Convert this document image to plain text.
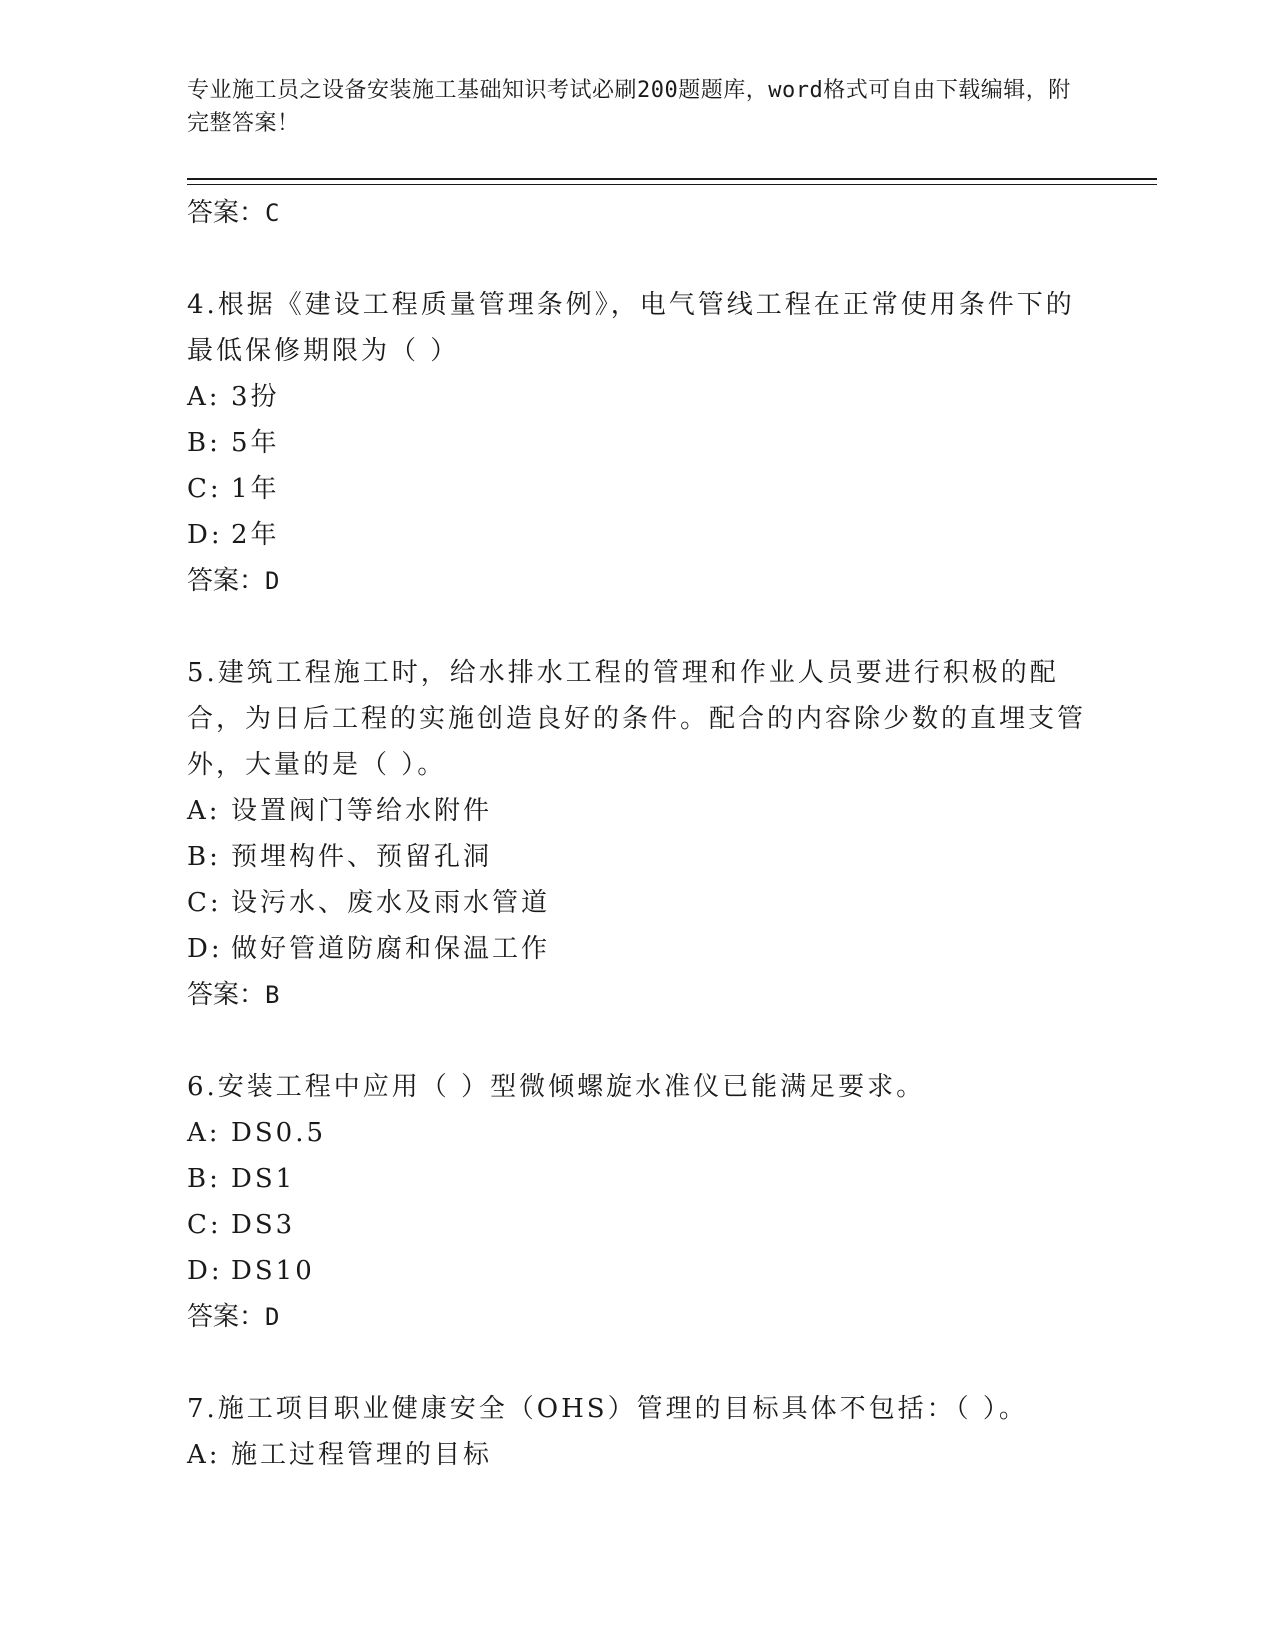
专业施工员之设备安装施工基础知识考试必刷200题题库，word格式可自由下载编辑，附完整答案！

答案：C

4.根据《建设工程质量管理条例》，电气管线工程在正常使用条件下的最低保修期限为（ ）

A: 3扮

B: 5年

C: 1年

D: 2年

答案：D

5.建筑工程施工时，给水排水工程的管理和作业人员要进行积极的配合，为日后工程的实施创造良好的条件。配合的内容除少数的直埋支管外，大量的是（ ）。

A: 设置阀门等给水附件

B: 预埋构件、预留孔洞

C: 设污水、废水及雨水管道

D: 做好管道防腐和保温工作

答案：B

6.安装工程中应用（ ）型微倾螺旋水准仪已能满足要求。

A: DS0.5

B: DS1

C: DS3

D: DS10

答案：D

7.施工项目职业健康安全（OHS）管理的目标具体不包括：（ ）。

A: 施工过程管理的目标
